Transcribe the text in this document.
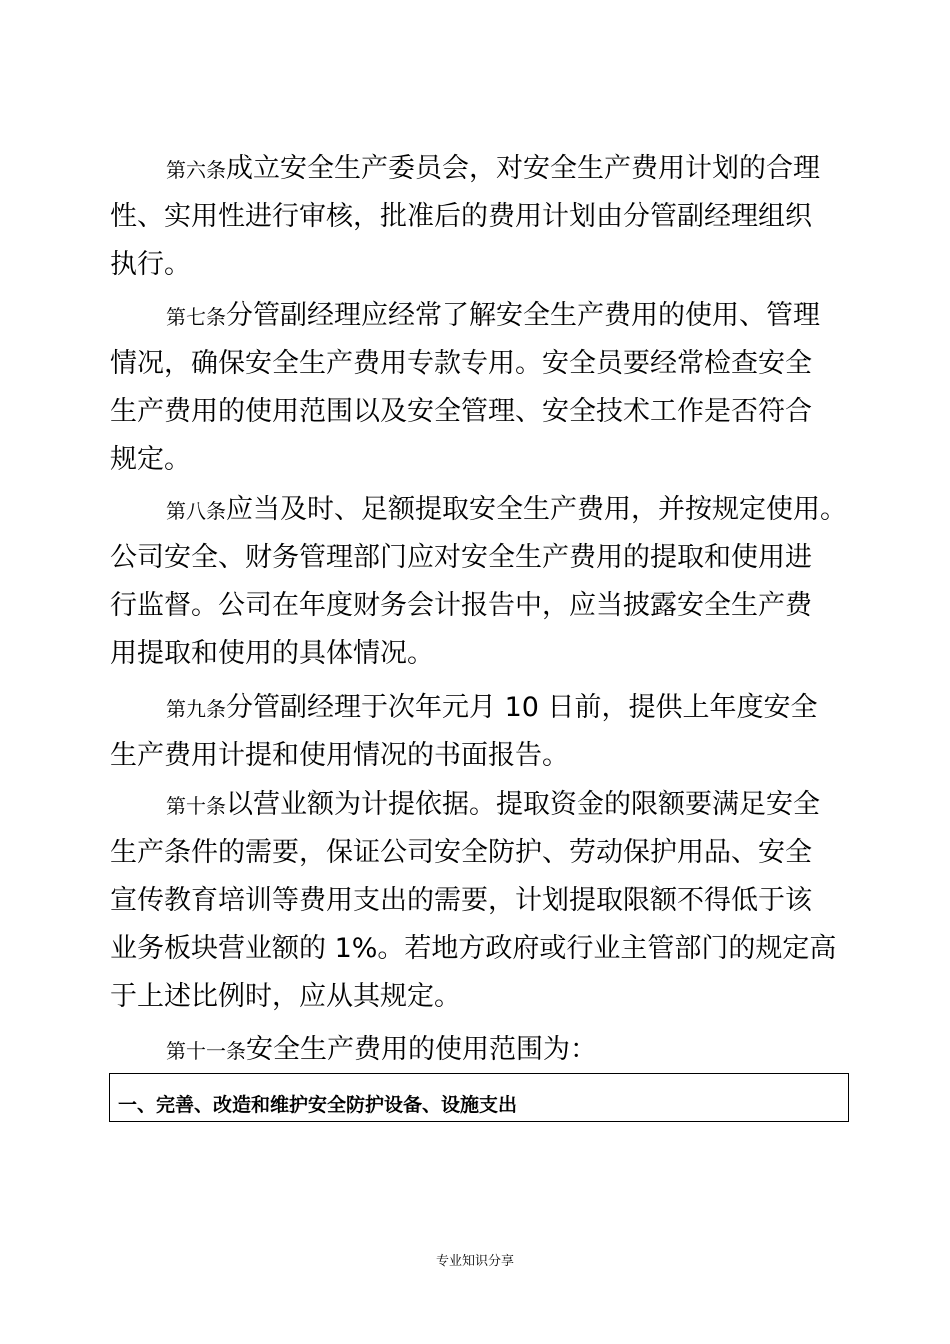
第六条成立安全生产委员会，对安全生产费用计划的合理
性、实用性进行审核，批准后的费用计划由分管副经理组织
执行。
第七条分管副经理应经常了解安全生产费用的使用、管理
情况，确保安全生产费用专款专用。安全员要经常检查安全
生产费用的使用范围以及安全管理、安全技术工作是否符合
规定。
第八条应当及时、足额提取安全生产费用，并按规定使用。
公司安全、财务管理部门应对安全生产费用的提取和使用进
行监督。公司在年度财务会计报告中，应当披露安全生产费
用提取和使用的具体情况。
第九条分管副经理于次年元月 10 日前，提供上年度安全
生产费用计提和使用情况的书面报告。
第十条以营业额为计提依据。提取资金的限额要满足安全
生产条件的需要，保证公司安全防护、劳动保护用品、安全
宣传教育培训等费用支出的需要，计划提取限额不得低于该
业务板块营业额的 1%。若地方政府或行业主管部门的规定高
于上述比例时，应从其规定。
第十一条安全生产费用的使用范围为：
一、完善、改造和维护安全防护设备、设施支出
专业知识分享
